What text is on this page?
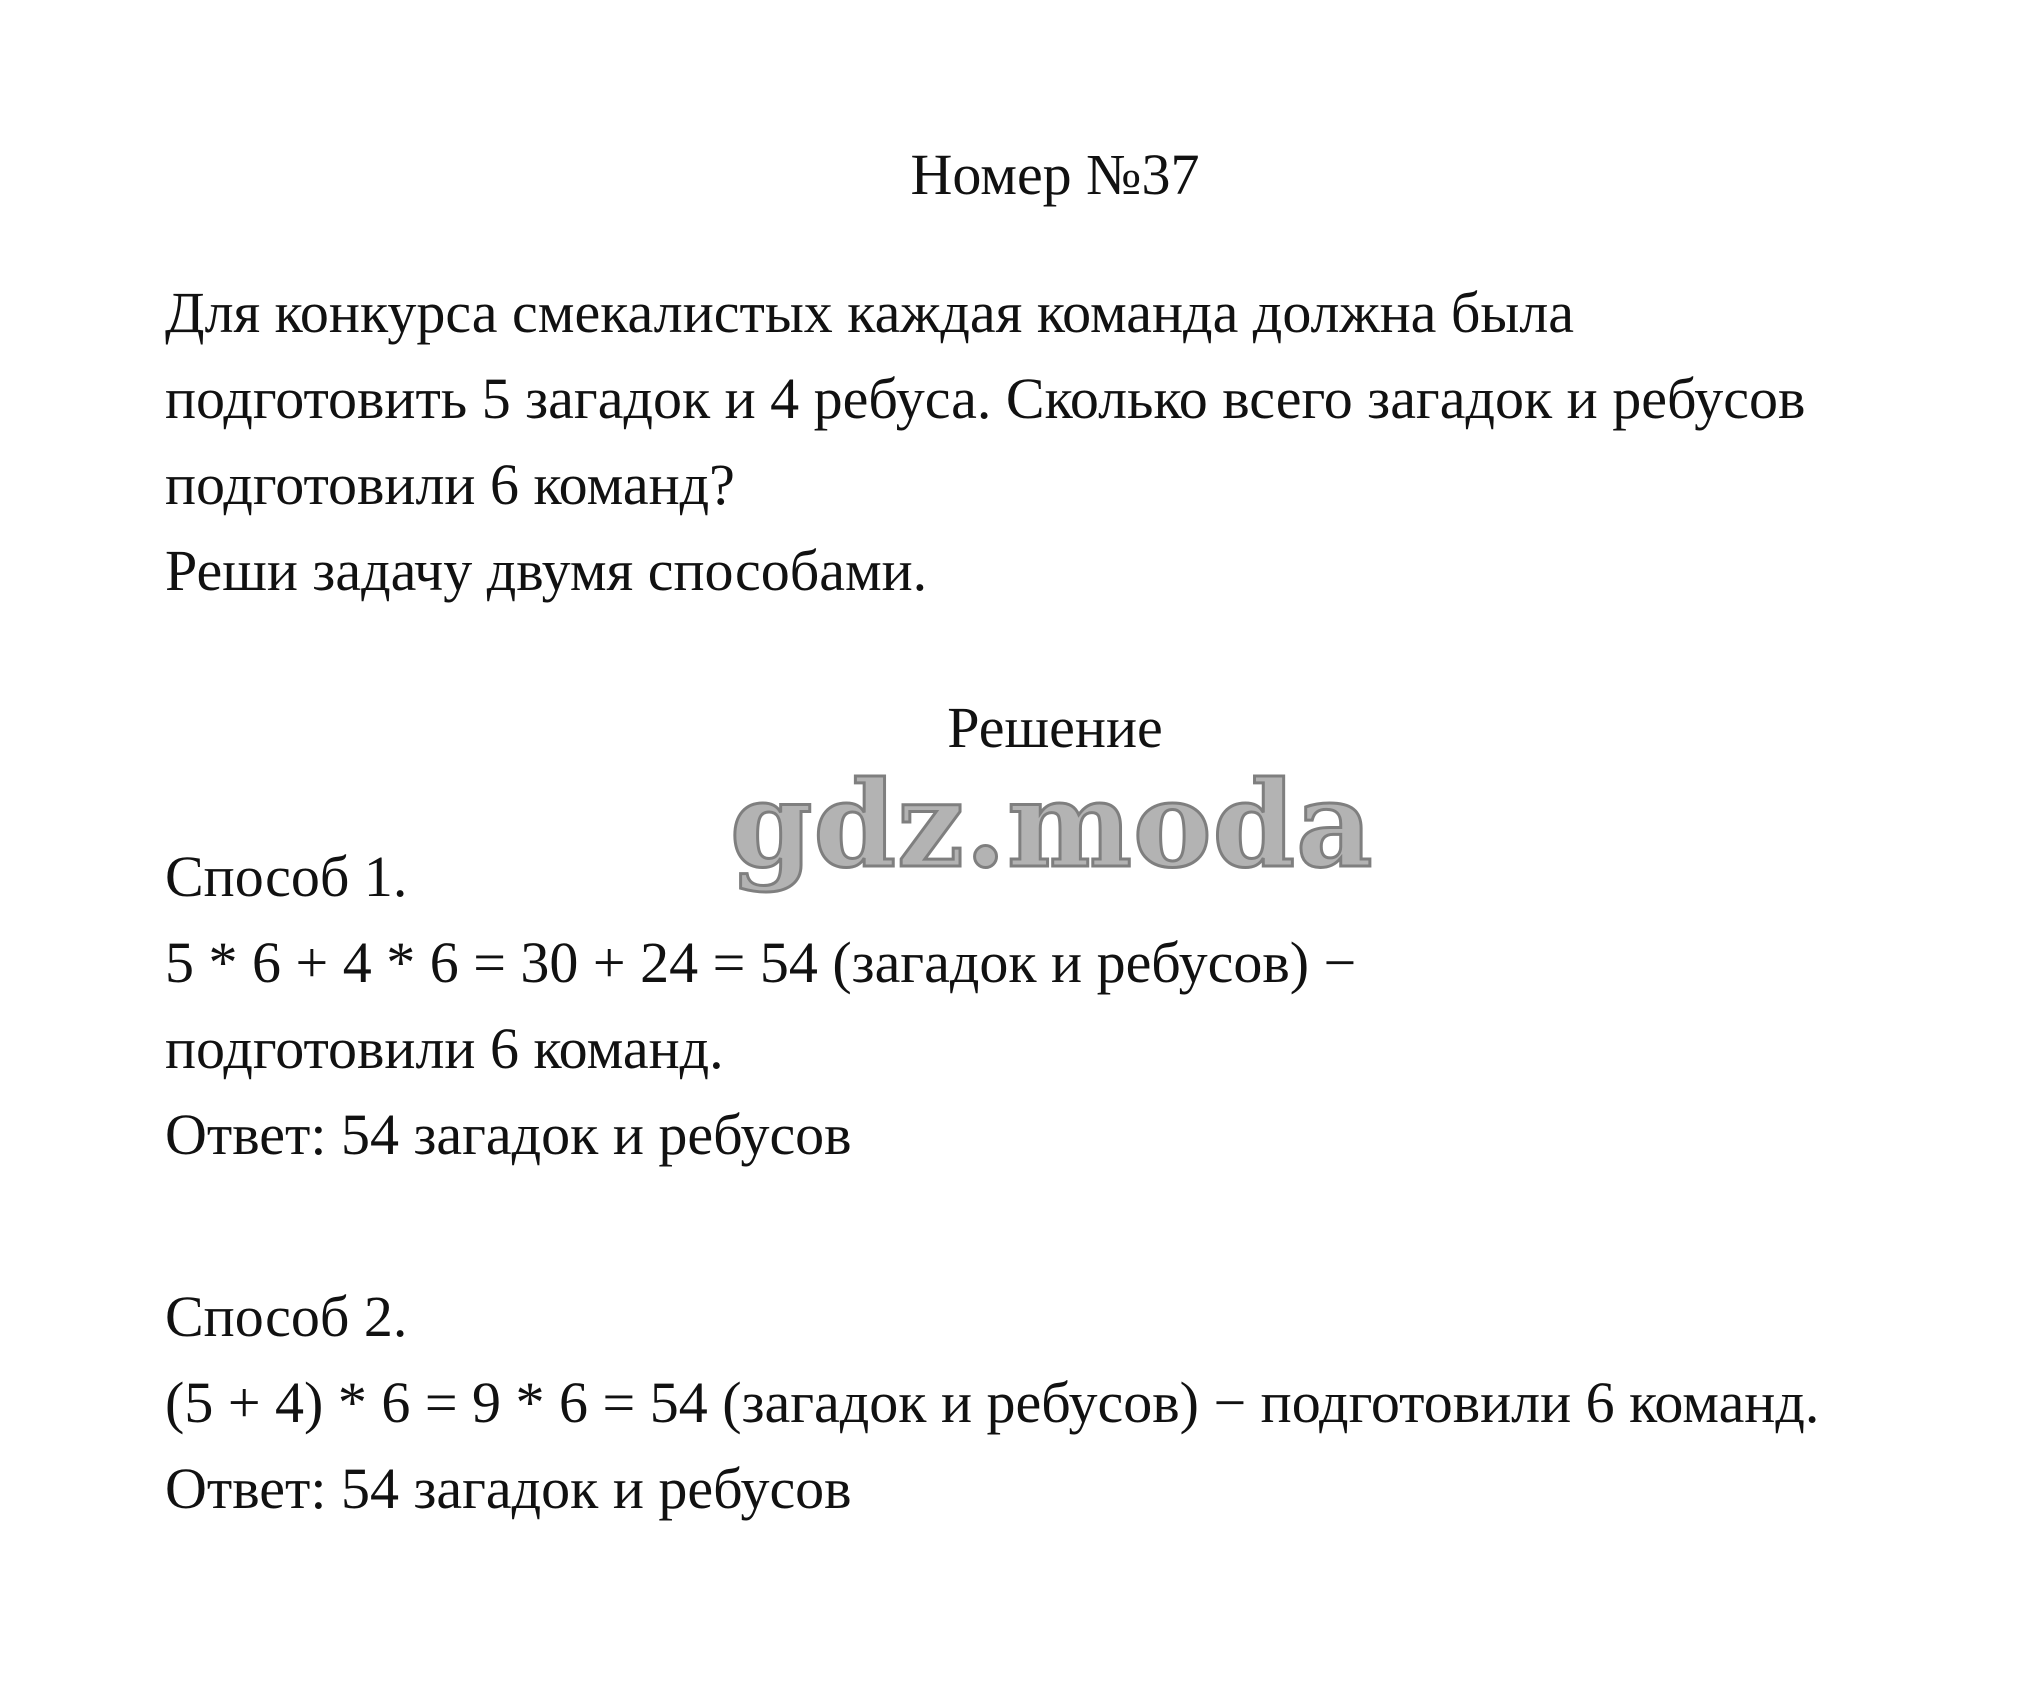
Номер №37

Для конкурса смекалистых каждая команда должна была

подготовить 5 загадок и 4 ребуса. Сколько всего загадок и ребусов

подготовили 6 команд?

Реши задачу двумя способами.

Решение
gdz.moda

Способ 1.

5 * 6 + 4 * 6 = 30 + 24 = 54 (загадок и ребусов) −

подготовили 6 команд.

Ответ: 54 загадок и ребусов

Способ 2.

(5 + 4) * 6 = 9 * 6 = 54 (загадок и ребусов) − подготовили 6 команд.

Ответ: 54 загадок и ребусов
